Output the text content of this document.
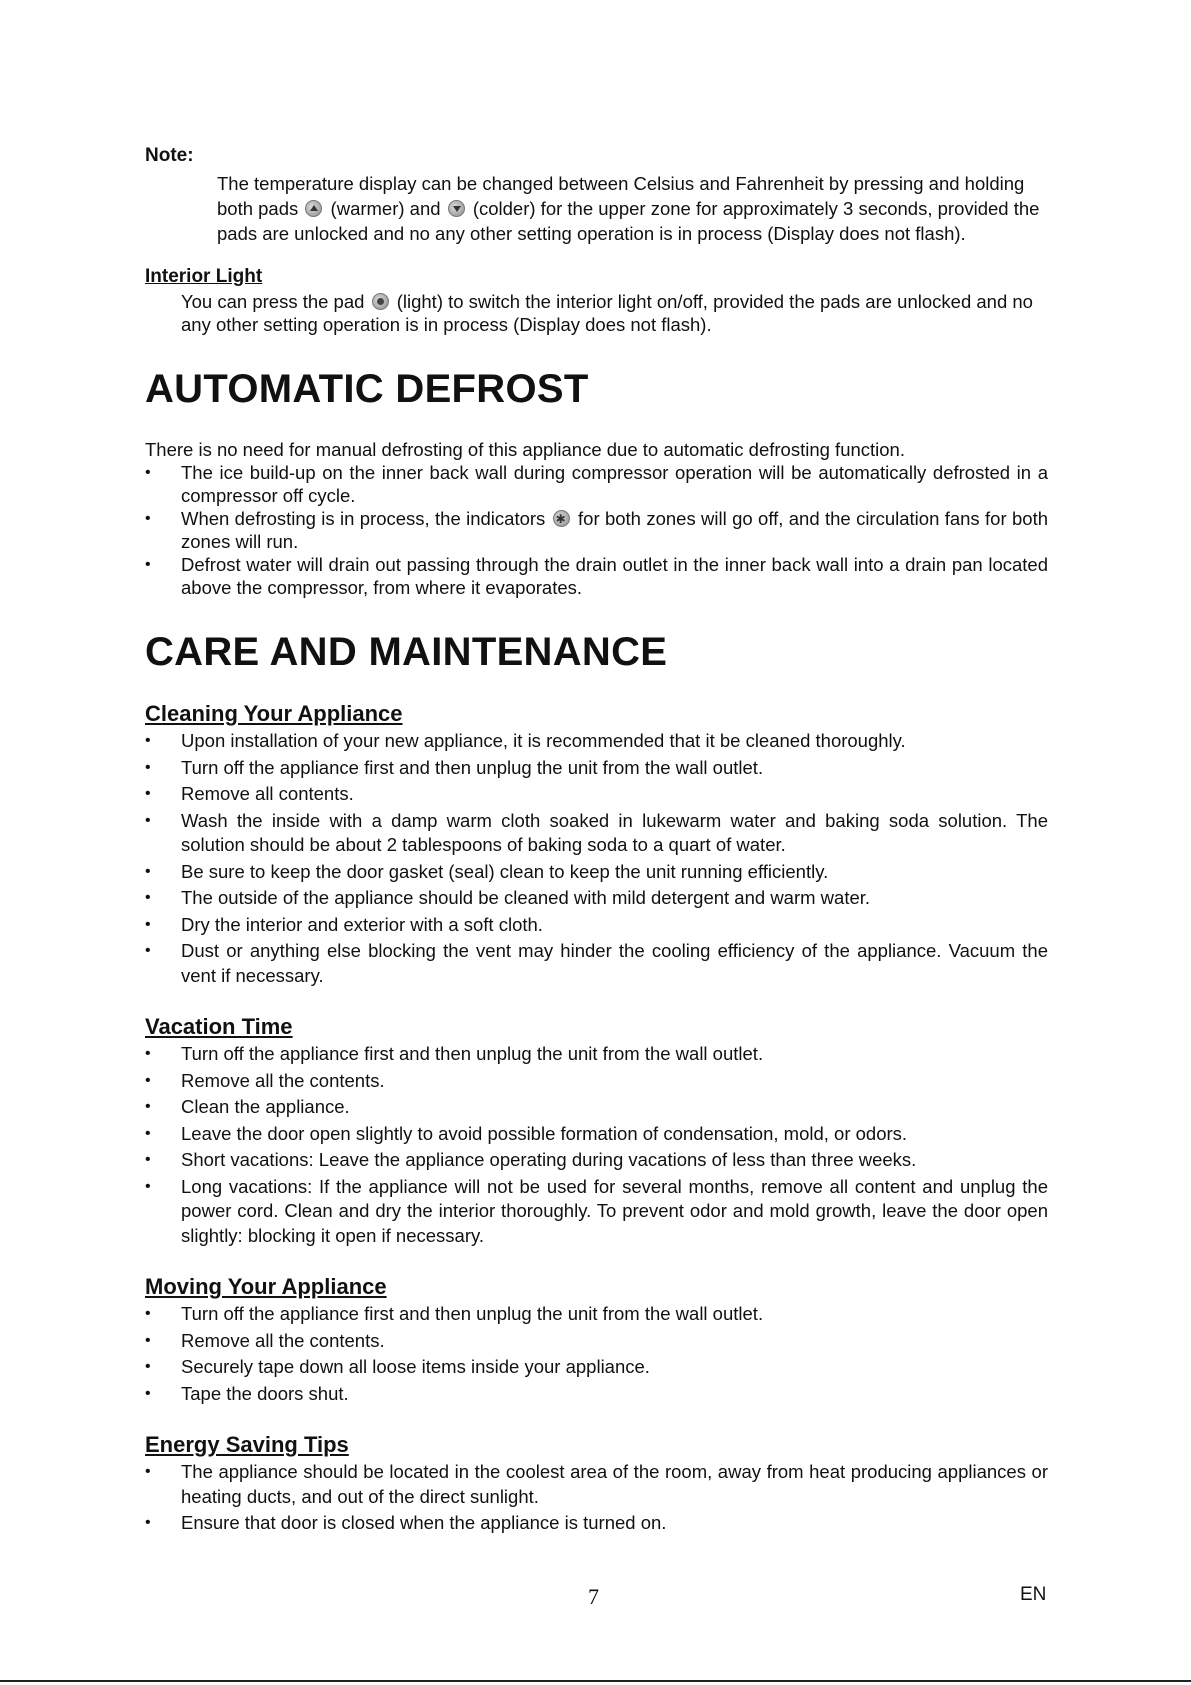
Note:

The temperature display can be changed between Celsius and Fahrenheit by pressing and holding both pads (warmer) and (colder) for the upper zone for approximately 3 seconds, provided the pads are unlocked and no any other setting operation is in process (Display does not flash).

Interior Light

You can press the pad (light) to switch the interior light on/off, provided the pads are unlocked and no any other setting operation is in process (Display does not flash).

AUTOMATIC DEFROST

There is no need for manual defrosting of this appliance due to automatic defrosting function.

• The ice build-up on the inner back wall during compressor operation will be automatically defrosted in a compressor off cycle.
• When defrosting is in process, the indicators ✱ for both zones will go off, and the circulation fans for both zones will run.
• Defrost water will drain out passing through the drain outlet in the inner back wall into a drain pan located above the compressor, from where it evaporates.
CARE AND MAINTENANCE
Cleaning Your Appliance
• Upon installation of your new appliance, it is recommended that it be cleaned thoroughly.
• Turn off the appliance first and then unplug the unit from the wall outlet.
• Remove all contents.
• Wash the inside with a damp warm cloth soaked in lukewarm water and baking soda solution. The solution should be about 2 tablespoons of baking soda to a quart of water.
• Be sure to keep the door gasket (seal) clean to keep the unit running efficiently.
• The outside of the appliance should be cleaned with mild detergent and warm water.
• Dry the interior and exterior with a soft cloth.
• Dust or anything else blocking the vent may hinder the cooling efficiency of the appliance. Vacuum the vent if necessary.
Vacation Time
• Turn off the appliance first and then unplug the unit from the wall outlet.
• Remove all the contents.
• Clean the appliance.
• Leave the door open slightly to avoid possible formation of condensation, mold, or odors.
• Short vacations: Leave the appliance operating during vacations of less than three weeks.
• Long vacations: If the appliance will not be used for several months, remove all content and unplug the power cord. Clean and dry the interior thoroughly. To prevent odor and mold growth, leave the door open slightly: blocking it open if necessary.
Moving Your Appliance
• Turn off the appliance first and then unplug the unit from the wall outlet.
• Remove all the contents.
• Securely tape down all loose items inside your appliance.
• Tape the doors shut.
Energy Saving Tips
• The appliance should be located in the coolest area of the room, away from heat producing appliances or heating ducts, and out of the direct sunlight.
• Ensure that door is closed when the appliance is turned on.
7	EN
